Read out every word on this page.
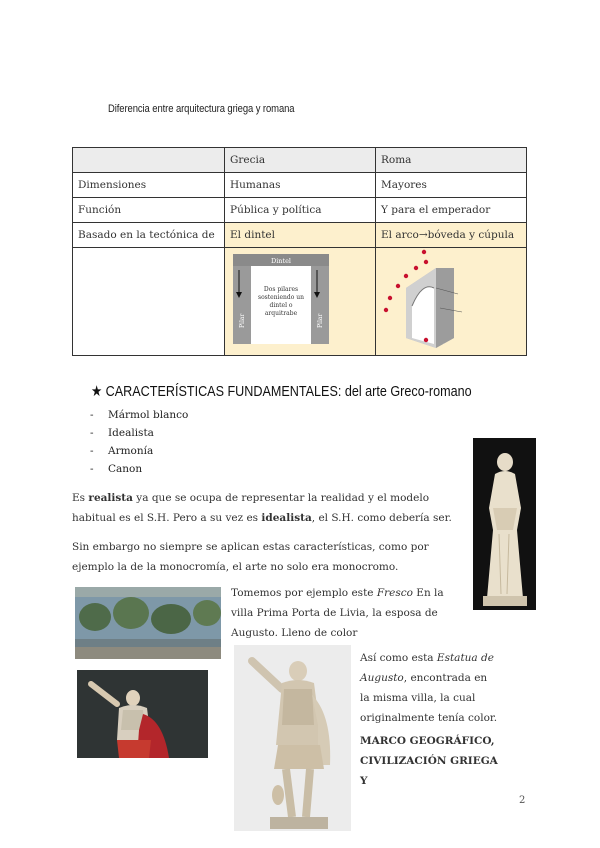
Diferencia entre arquitectura griega y romana
	Grecia	Roma
Dimensiones	Humanas	Mayores
Función	Pública y política	Y para el emperador
Basado en la tectónica de	El dintel	El arco→bóveda y cúpula

Dintel
Pilar Pilar
Dos pilares sosteniendo un dintel o arquitrabe

★ CARACTERÍSTICAS FUNDAMENTALES: del arte Greco-romano
- Mármol blanco
- Idealista
- Armonía
- Canon
Es realista ya que se ocupa de representar la realidad y el modelo habitual es el S.H. Pero a su vez es idealista, el S.H. como debería ser.
Sin embargo no siempre se aplican estas características, como por ejemplo la de la monocromía, el arte no solo era monocromo.
Tomemos por ejemplo este Fresco En la villa Prima Porta de Livia, la esposa de Augusto. Lleno de color
Así como esta Estatua de Augusto, encontrada en la misma villa, la cual originalmente tenía color.
MARCO GEOGRÁFICO, CIVILIZACIÓN GRIEGA Y
2
